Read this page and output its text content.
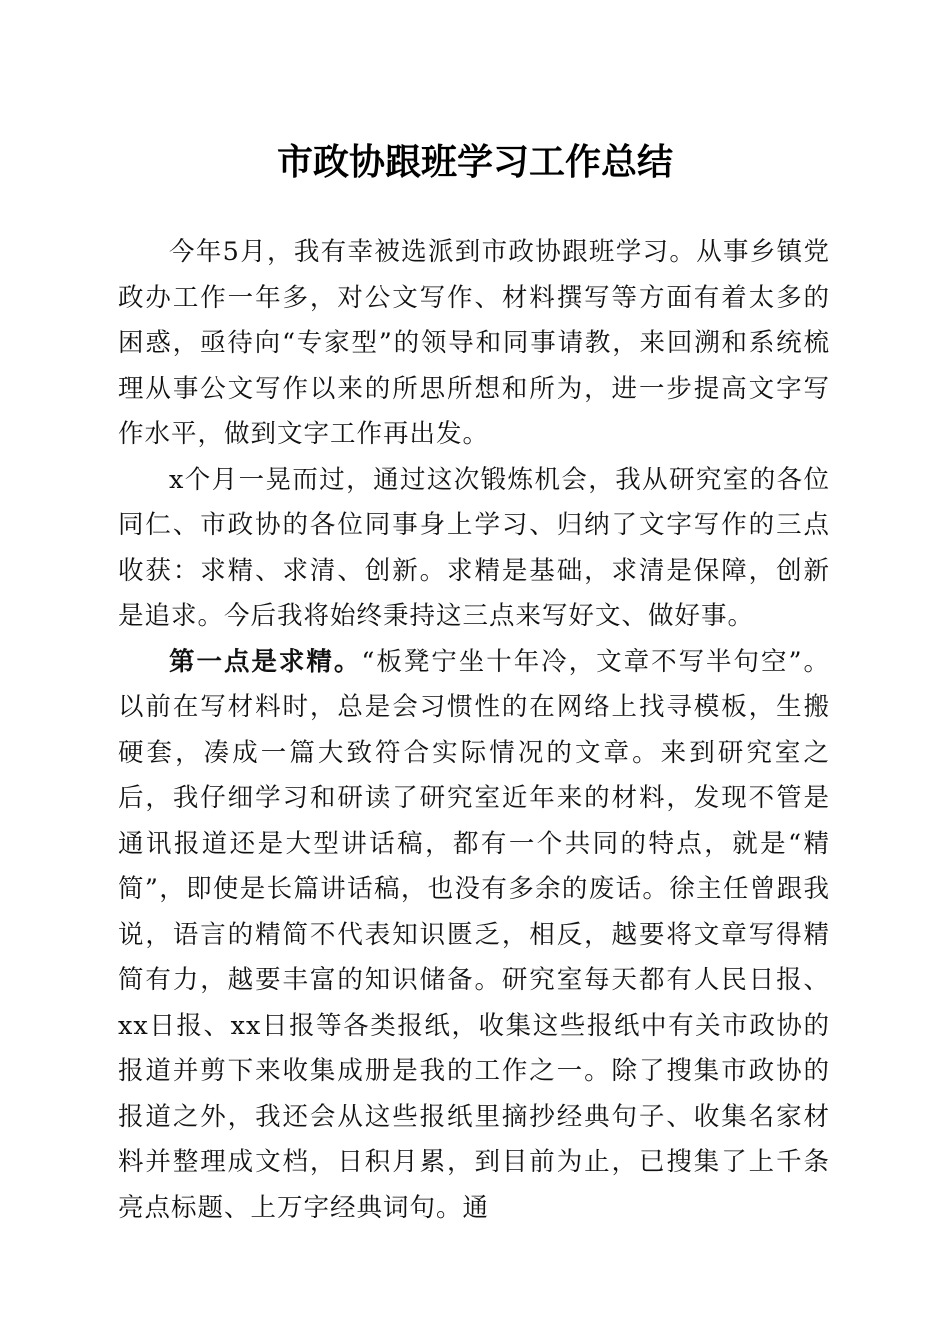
市政协跟班学习工作总结

今年5月，我有幸被选派到市政协跟班学习。从事乡镇党政办工作一年多，对公文写作、材料撰写等方面有着太多的困惑，亟待向“专家型”的领导和同事请教，来回溯和系统梳理从事公文写作以来的所思所想和所为，进一步提高文字写作水平，做到文字工作再出发。

x个月一晃而过，通过这次锻炼机会，我从研究室的各位同仁、市政协的各位同事身上学习、归纳了文字写作的三点收获：求精、求清、创新。求精是基础，求清是保障，创新是追求。今后我将始终秉持这三点来写好文、做好事。

第一点是求精。“板凳宁坐十年冷，文章不写半句空”。以前在写材料时，总是会习惯性的在网络上找寻模板，生搬硬套，凑成一篇大致符合实际情况的文章。来到研究室之后，我仔细学习和研读了研究室近年来的材料，发现不管是通讯报道还是大型讲话稿，都有一个共同的特点，就是“精简”，即使是长篇讲话稿，也没有多余的废话。徐主任曾跟我说，语言的精简不代表知识匮乏，相反，越要将文章写得精简有力，越要丰富的知识储备。研究室每天都有人民日报、xx日报、xx日报等各类报纸，收集这些报纸中有关市政协的报道并剪下来收集成册是我的工作之一。除了搜集市政协的报道之外，我还会从这些报纸里摘抄经典句子、收集名家材料并整理成文档，日积月累，到目前为止，已搜集了上千条亮点标题、上万字经典词句。通
